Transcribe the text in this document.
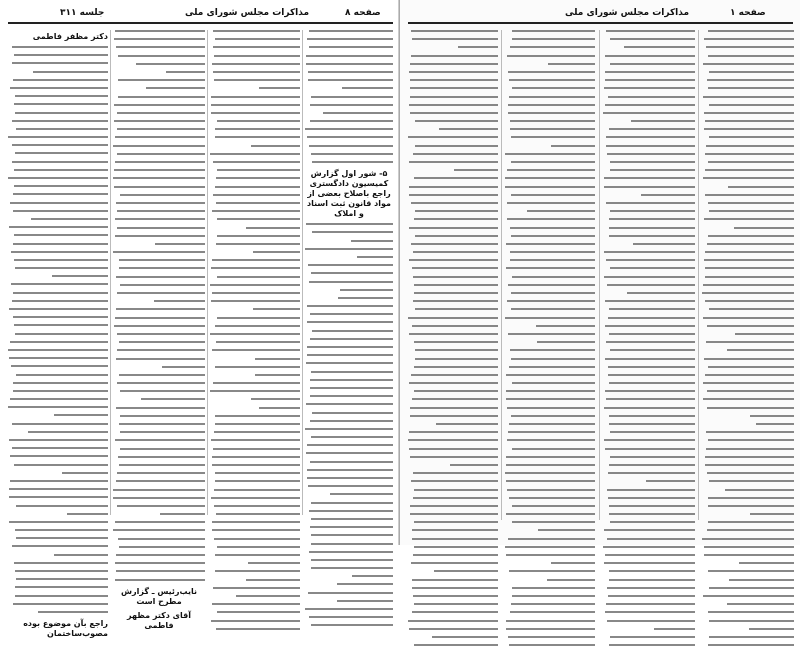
جلسه ۳۱۱	مذاکرات مجلس شورای ملی	صفحه ۸
دکتر مظفر فاطمی
راجع بآن موضوع بوده مصوب‌ساختمان
نایب‌رئیس ـ گزارش مطرح است
آقای دکتر مظهر فاطمی
۵- شور اول گزارش کمیسیون دادگستری راجع باصلاح بعضی از مواد قانون ثبت اسناد و املاک
مذاکرات مجلس شورای ملی	صفحه ۱
